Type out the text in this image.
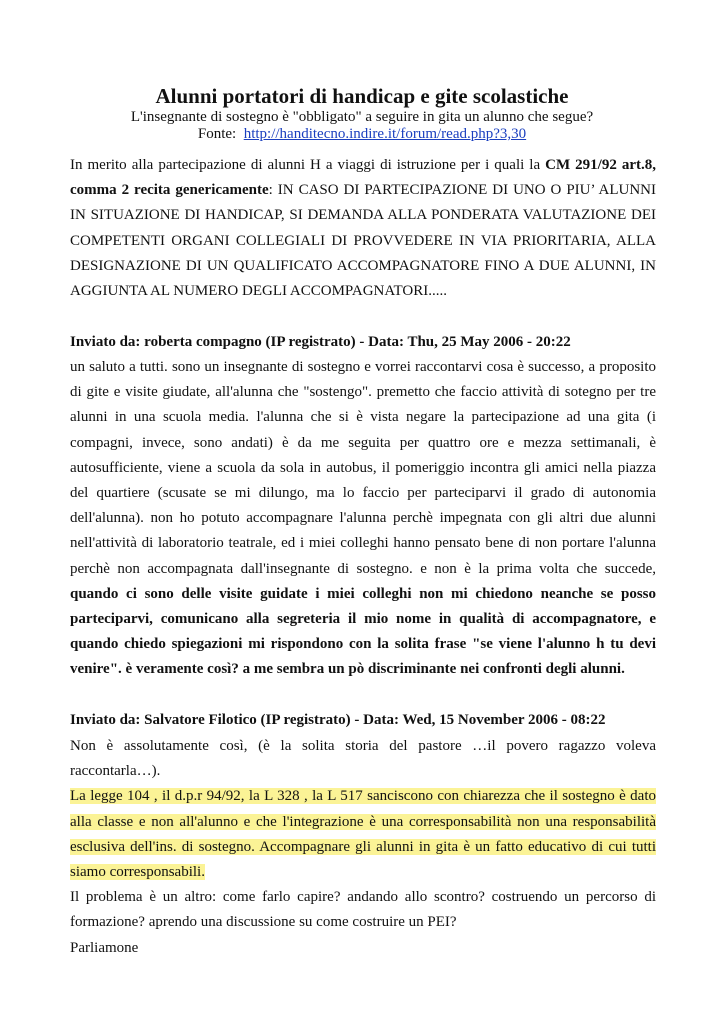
Alunni portatori di handicap e gite scolastiche
L'insegnante di sostegno è "obbligato" a seguire in gita un alunno che segue?
Fonte: http://handitecno.indire.it/forum/read.php?3,30

In merito alla partecipazione di alunni H a viaggi di istruzione per i quali la CM 291/92 art.8, comma 2 recita genericamente: IN CASO DI PARTECIPAZIONE DI UNO O PIU’ ALUNNI IN SITUAZIONE DI HANDICAP, SI DEMANDA ALLA PONDERATA VALUTAZIONE DEI COMPETENTI ORGANI COLLEGIALI DI PROVVEDERE IN VIA PRIORITARIA, ALLA DESIGNAZIONE DI UN QUALIFICATO ACCOMPAGNATORE FINO A DUE ALUNNI, IN AGGIUNTA AL NUMERO DEGLI ACCOMPAGNATORI.....

Inviato da: roberta compagno (IP registrato) - Data: Thu, 25 May 2006 - 20:22

un saluto a tutti. sono un insegnante di sostegno e vorrei raccontarvi cosa è successo, a proposito di gite e visite giudate, all'alunna che "sostengo". premetto che faccio attività di sotegno per tre alunni in una scuola media. l'alunna che si è vista negare la partecipazione ad una gita (i compagni, invece, sono andati) è da me seguita per quattro ore e mezza settimanali, è autosufficiente, viene a scuola da sola in autobus, il pomeriggio incontra gli amici nella piazza del quartiere (scusate se mi dilungo, ma lo faccio per parteciparvi il grado di autonomia dell'alunna). non ho potuto accompagnare l'alunna perchè impegnata con gli altri due alunni nell'attività di laboratorio teatrale, ed i miei colleghi hanno pensato bene di non portare l'alunna perchè non accompagnata dall'insegnante di sostegno. e non è la prima volta che succede, quando ci sono delle visite guidate i miei colleghi non mi chiedono neanche se posso parteciparvi, comunicano alla segreteria il mio nome in qualità di accompagnatore, e quando chiedo spiegazioni mi rispondono con la solita frase "se viene l'alunno h tu devi venire". è veramente così? a me sembra un pò discriminante nei confronti degli alunni.

Inviato da: Salvatore Filotico (IP registrato) - Data: Wed, 15 November 2006 - 08:22

Non è assolutamente così, (è la solita storia del pastore …il povero ragazzo voleva raccontarla…).
La legge 104 , il d.p.r 94/92, la L 328 , la L 517 sanciscono con chiarezza che il sostegno è dato alla classe e non all'alunno e che l'integrazione è una corresponsabilità non una responsabilità esclusiva dell'ins. di sostegno. Accompagnare gli alunni in gita è un fatto educativo di cui tutti siamo corresponsabili.
Il problema è un altro: come farlo capire? andando allo scontro? costruendo un percorso di formazione? aprendo una discussione su come costruire un PEI?
Parliamone
